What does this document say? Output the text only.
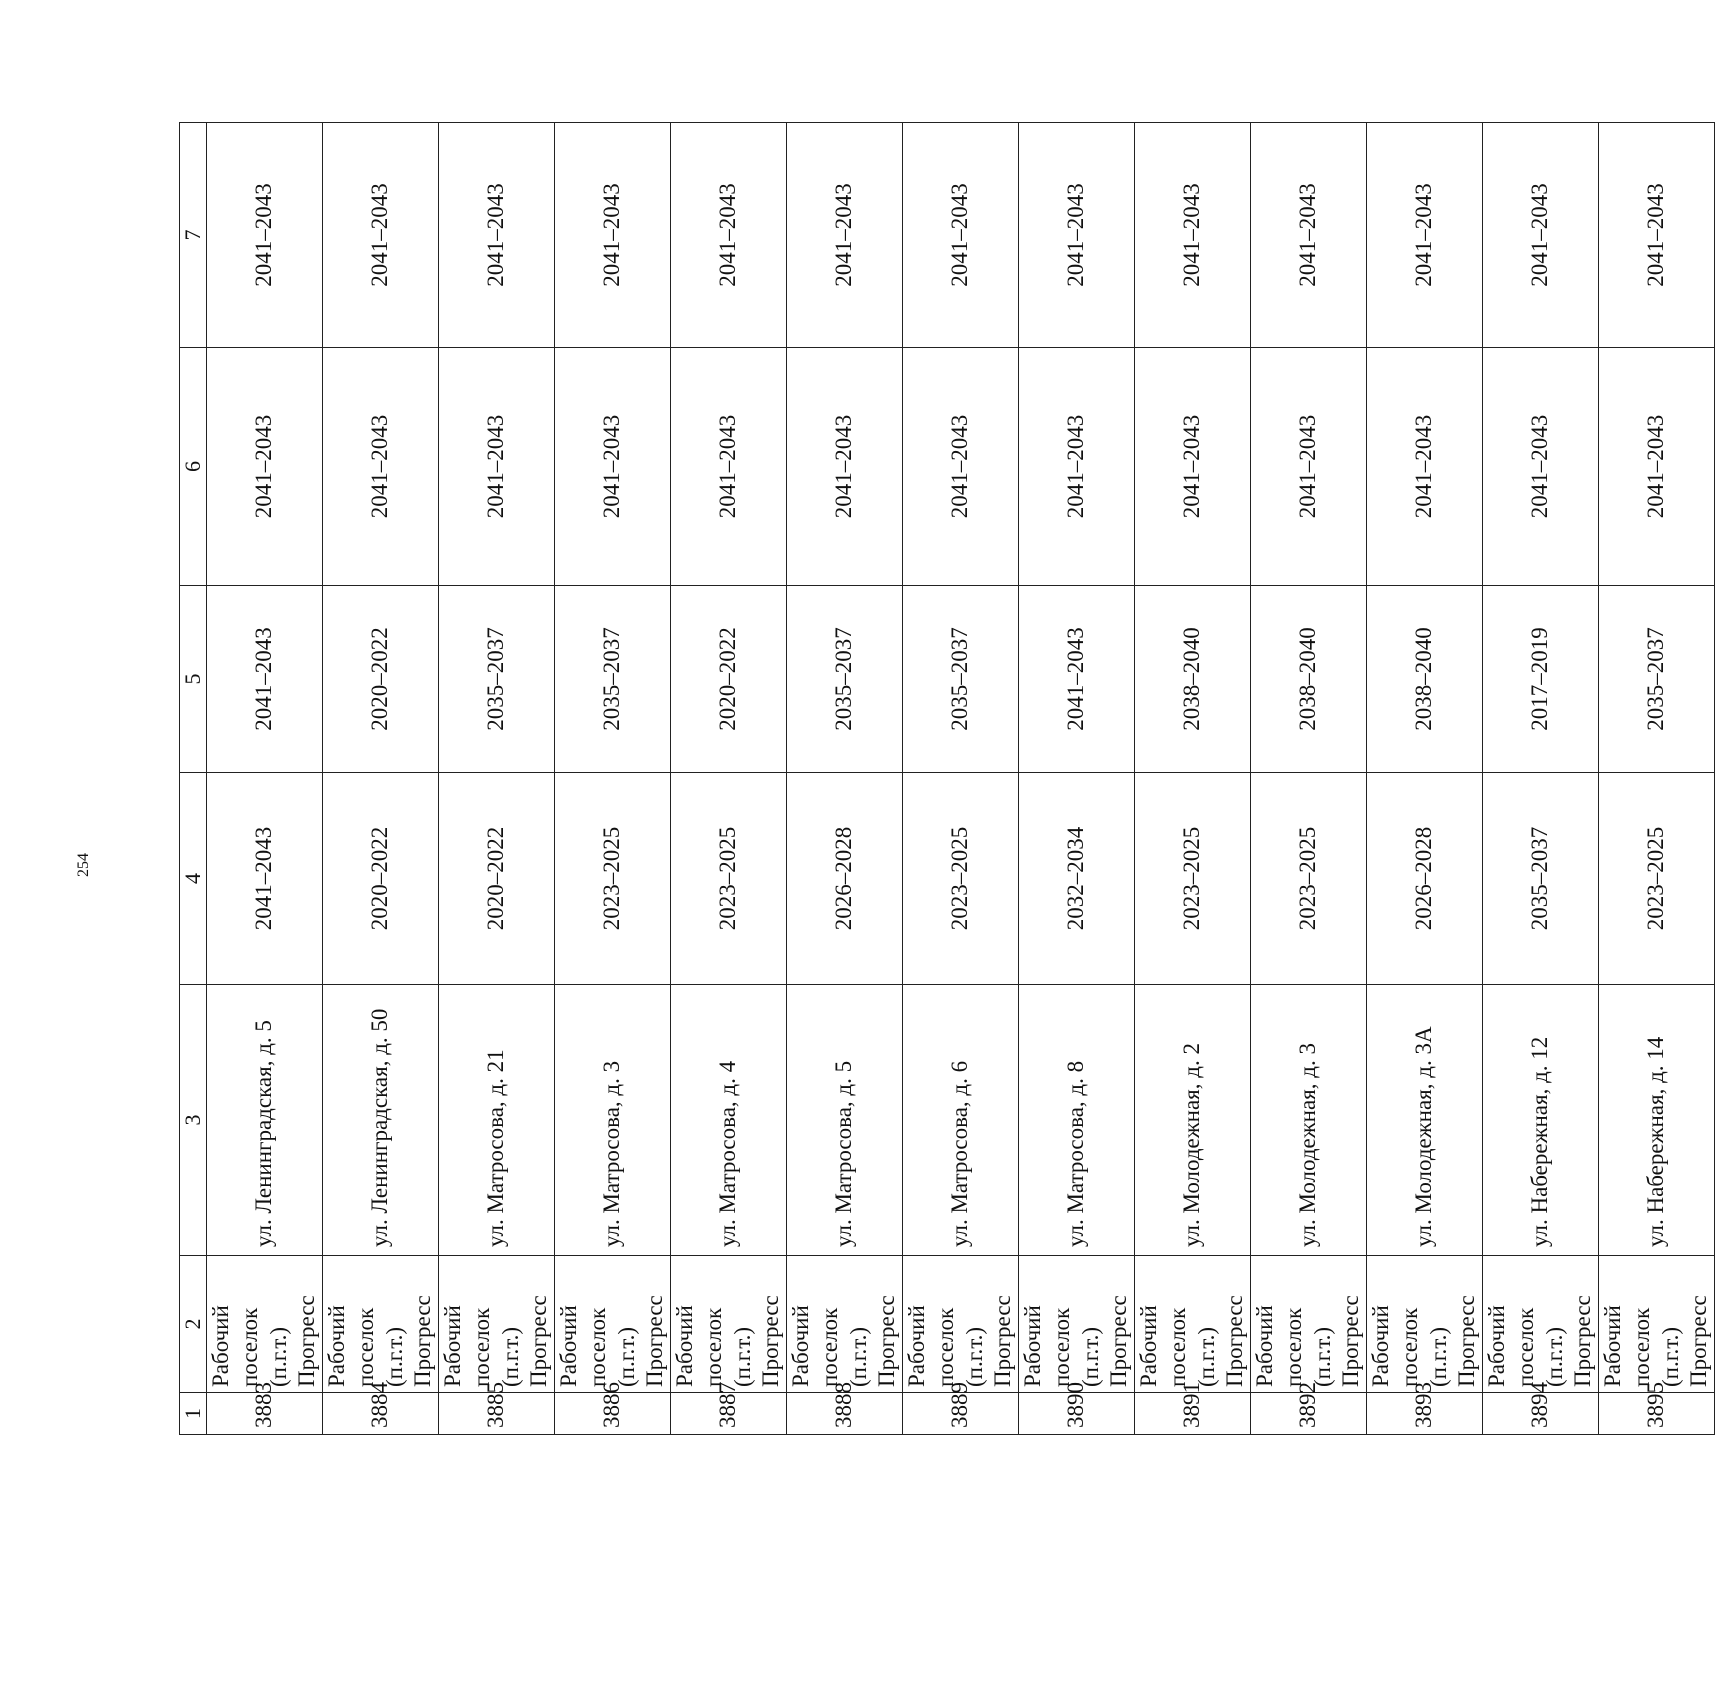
254
1	2	3	4	5	6	7
3883	Рабочий поселок (п.г.т.) Прогресс	ул. Ленинградская, д. 5	2041–2043	2041–2043	2041–2043	2041–2043
3884	Рабочий поселок (п.г.т.) Прогресс	ул. Ленинградская, д. 50	2020–2022	2020–2022	2041–2043	2041–2043
3885	Рабочий поселок (п.г.т.) Прогресс	ул. Матросова, д. 21	2020–2022	2035–2037	2041–2043	2041–2043
3886	Рабочий поселок (п.г.т.) Прогресс	ул. Матросова, д. 3	2023–2025	2035–2037	2041–2043	2041–2043
3887	Рабочий поселок (п.г.т.) Прогресс	ул. Матросова, д. 4	2023–2025	2020–2022	2041–2043	2041–2043
3888	Рабочий поселок (п.г.т.) Прогресс	ул. Матросова, д. 5	2026–2028	2035–2037	2041–2043	2041–2043
3889	Рабочий поселок (п.г.т.) Прогресс	ул. Матросова, д. 6	2023–2025	2035–2037	2041–2043	2041–2043
3890	Рабочий поселок (п.г.т.) Прогресс	ул. Матросова, д. 8	2032–2034	2041–2043	2041–2043	2041–2043
3891	Рабочий поселок (п.г.т.) Прогресс	ул. Молодежная, д. 2	2023–2025	2038–2040	2041–2043	2041–2043
3892	Рабочий поселок (п.г.т.) Прогресс	ул. Молодежная, д. 3	2023–2025	2038–2040	2041–2043	2041–2043
3893	Рабочий поселок (п.г.т.) Прогресс	ул. Молодежная, д. 3А	2026–2028	2038–2040	2041–2043	2041–2043
3894	Рабочий поселок (п.г.т.) Прогресс	ул. Набережная, д. 12	2035–2037	2017–2019	2041–2043	2041–2043
3895	Рабочий поселок (п.г.т.) Прогресс	ул. Набережная, д. 14	2023–2025	2035–2037	2041–2043	2041–2043
